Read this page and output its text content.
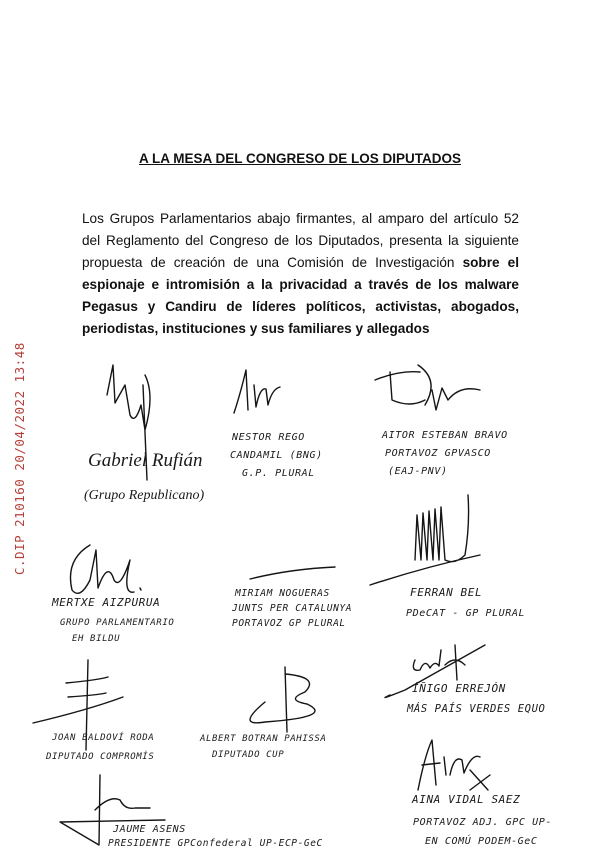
A LA MESA DEL CONGRESO DE LOS DIPUTADOS
Los Grupos Parlamentarios abajo firmantes, al amparo del artículo 52 del Reglamento del Congreso de los Diputados, presenta la siguiente propuesta de creación de una Comisión de Investigación sobre el espionaje e intromisión a la privacidad a través de los malware Pegasus y Candiru de líderes políticos, activistas, abogados, periodistas, instituciones y sus familiares y allegados
C.DIP 210160 20/04/2022 13:48	Gabriel Rufián
(Grupo Republicano)
NESTOR REGO
CANDAMIL (BNG)
G.P. PLURAL
AITOR ESTEBAN BRAVO
PORTAVOZ GPVASCO
(EAJ-PNV)
MERTXE AIZPURUA
GRUPO PARLAMENTARIO
EH BILDU
MIRIAM NOGUERAS
JUNTS PER CATALUNYA
PORTAVOZ GP PLURAL
FERRAN BEL
PDeCAT - GP PLURAL
JOAN BALDOVÍ RODA
DIPUTADO COMPROMÍS
ALBERT BOTRAN PAHISSA
DIPUTADO CUP
ÍÑIGO ERREJÓN
MÁS PAÍS VERDES EQUO
AINA VIDAL SAEZ
PORTAVOZ ADJ. GPC UP-
EN COMÚ PODEM-GeC
JAUME ASENS
PRESIDENTE GPConfederal UP-ECP-GeC
